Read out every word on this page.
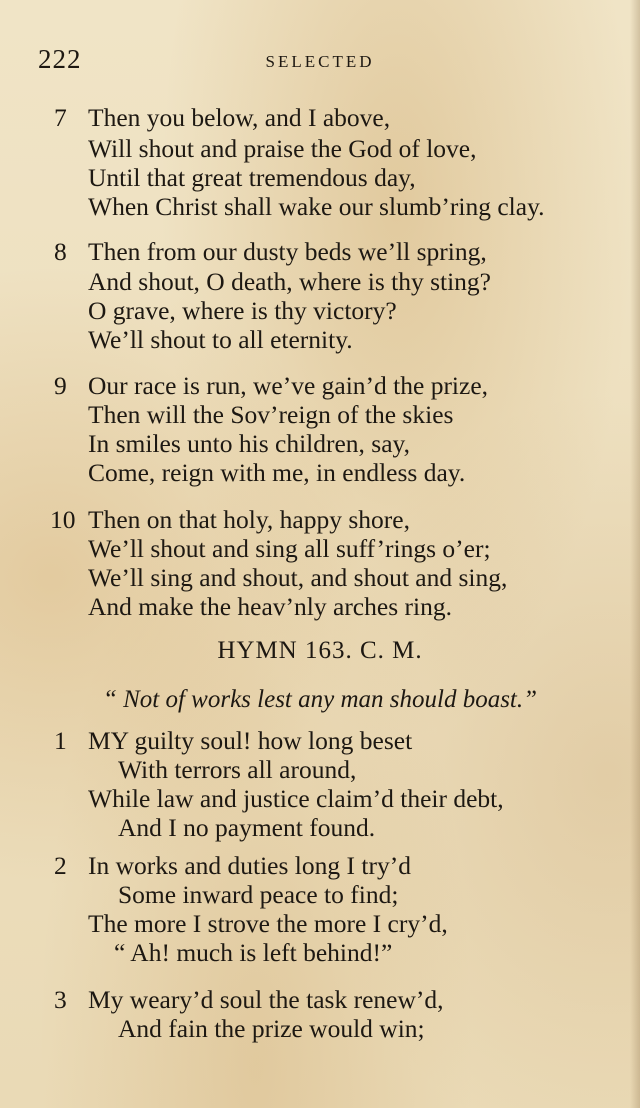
222	SELECTED
7 Then you below, and I above,
Will shout and praise the God of love,
Until that great tremendous day,
When Christ shall wake our slumb’ring clay.
8 Then from our dusty beds we’ll spring,
And shout, O death, where is thy sting?
O grave, where is thy victory?
We’ll shout to all eternity.
9 Our race is run, we’ve gain’d the prize,
Then will the Sov’reign of the skies
In smiles unto his children, say,
Come, reign with me, in endless day.
10 Then on that holy, happy shore,
We’ll shout and sing all suff’rings o’er;
We’ll sing and shout, and shout and sing,
And make the heav’nly arches ring.
HYMN 163. C. M.
“ Not of works lest any man should boast.”
1 MY guilty soul! how long beset
With terrors all around,
While law and justice claim’d their debt,
And I no payment found.
2 In works and duties long I try’d
Some inward peace to find;
The more I strove the more I cry’d,
“ Ah! much is left behind!”
3 My weary’d soul the task renew’d,
And fain the prize would win;
